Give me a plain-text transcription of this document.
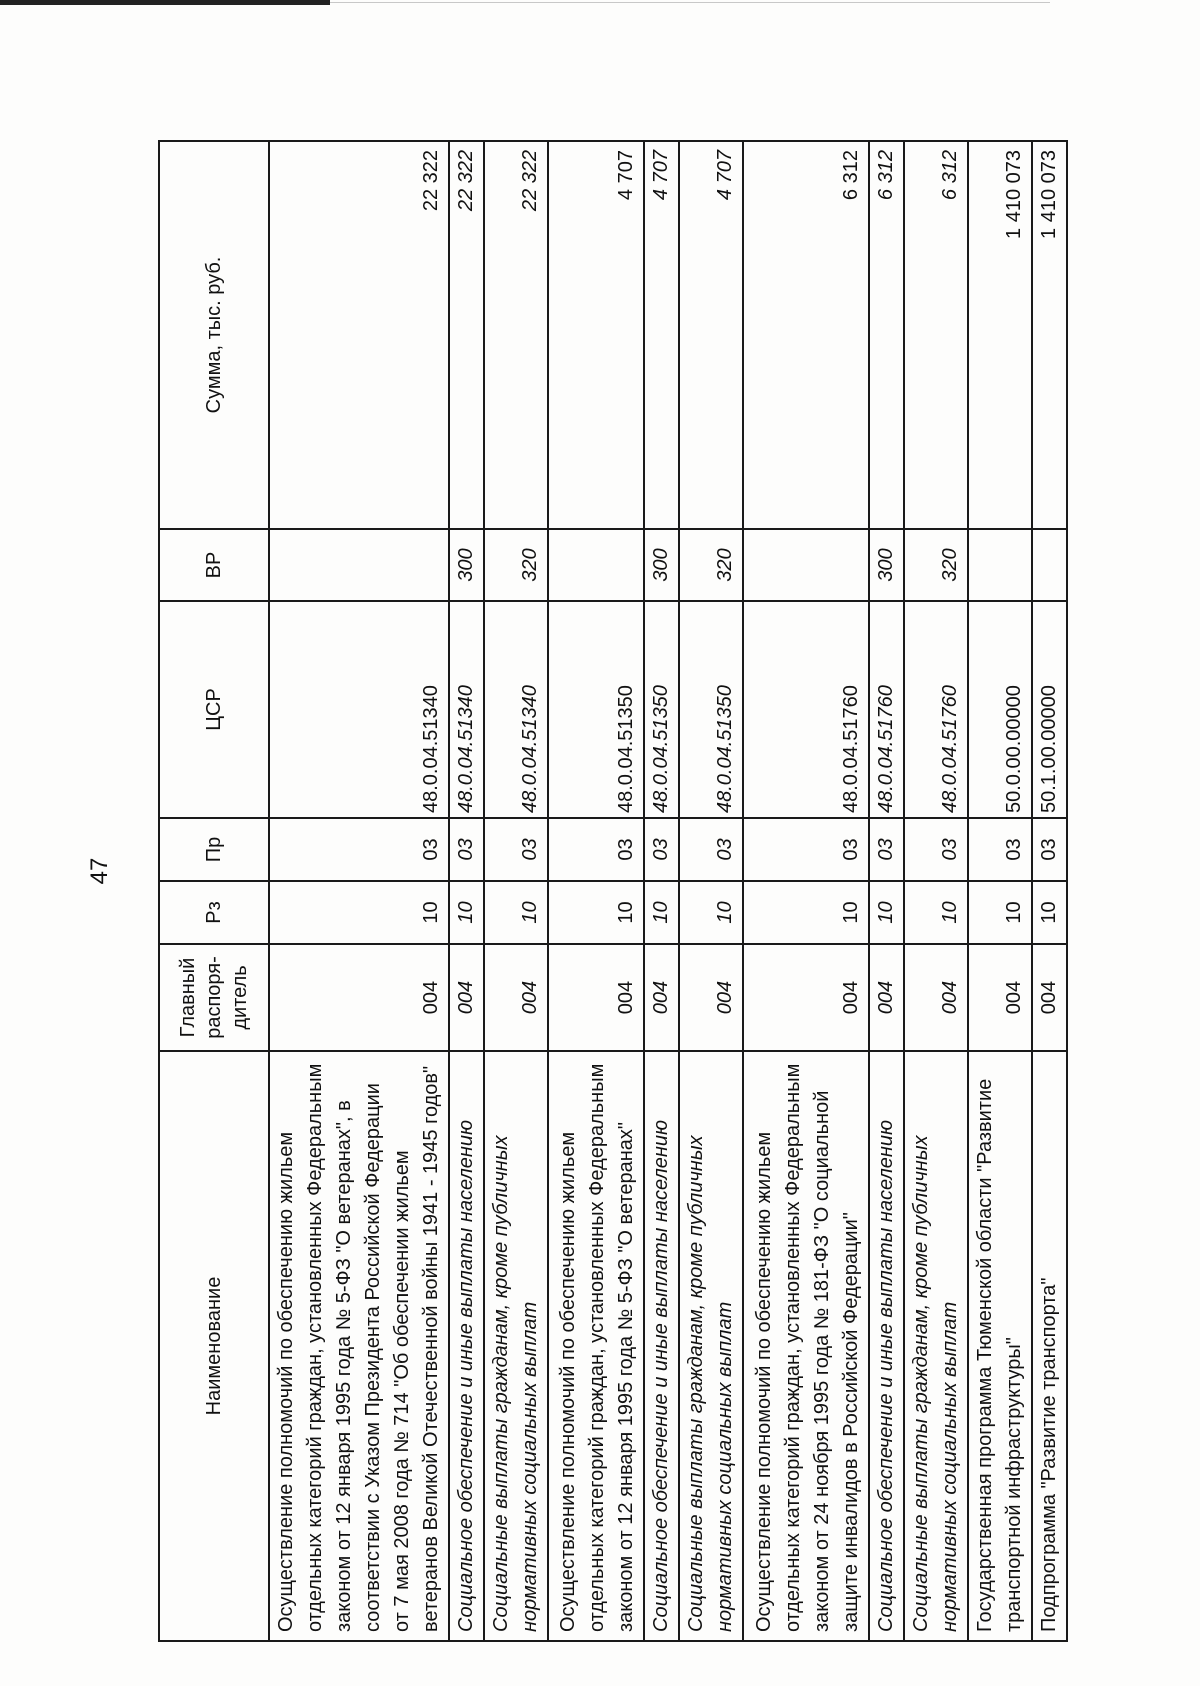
47
Наименование	Главный распоря-дитель	Рз	Пр	ЦСР	ВР	Сумма, тыс. руб.
Осуществление полномочий по обеспечению жильем отдельных категорий граждан, установленных Федеральным законом от 12 января 1995 года № 5-ФЗ "О ветеранах", в соответствии с Указом Президента Российской Федерации от 7 мая 2008 года № 714 "Об обеспечении жильем ветеранов Великой Отечественной войны 1941 - 1945 годов"	004	10	03	48.0.04.51340		22 322
Социальное обеспечение и иные выплаты населению	004	10	03	48.0.04.51340	300	22 322
Социальные выплаты гражданам, кроме публичных нормативных социальных выплат	004	10	03	48.0.04.51340	320	22 322
Осуществление полномочий по обеспечению жильем отдельных категорий граждан, установленных Федеральным законом от 12 января 1995 года № 5-ФЗ "О ветеранах"	004	10	03	48.0.04.51350		4 707
Социальное обеспечение и иные выплаты населению	004	10	03	48.0.04.51350	300	4 707
Социальные выплаты гражданам, кроме публичных нормативных социальных выплат	004	10	03	48.0.04.51350	320	4 707
Осуществление полномочий по обеспечению жильем отдельных категорий граждан, установленных Федеральным законом от 24 ноября 1995 года № 181-ФЗ "О социальной защите инвалидов в Российской Федерации"	004	10	03	48.0.04.51760		6 312
Социальное обеспечение и иные выплаты населению	004	10	03	48.0.04.51760	300	6 312
Социальные выплаты гражданам, кроме публичных нормативных социальных выплат	004	10	03	48.0.04.51760	320	6 312
Государственная программа Тюменской области "Развитие транспортной инфраструктуры"	004	10	03	50.0.00.00000		1 410 073
Подпрограмма "Развитие транспорта"	004	10	03	50.1.00.00000		1 410 073
